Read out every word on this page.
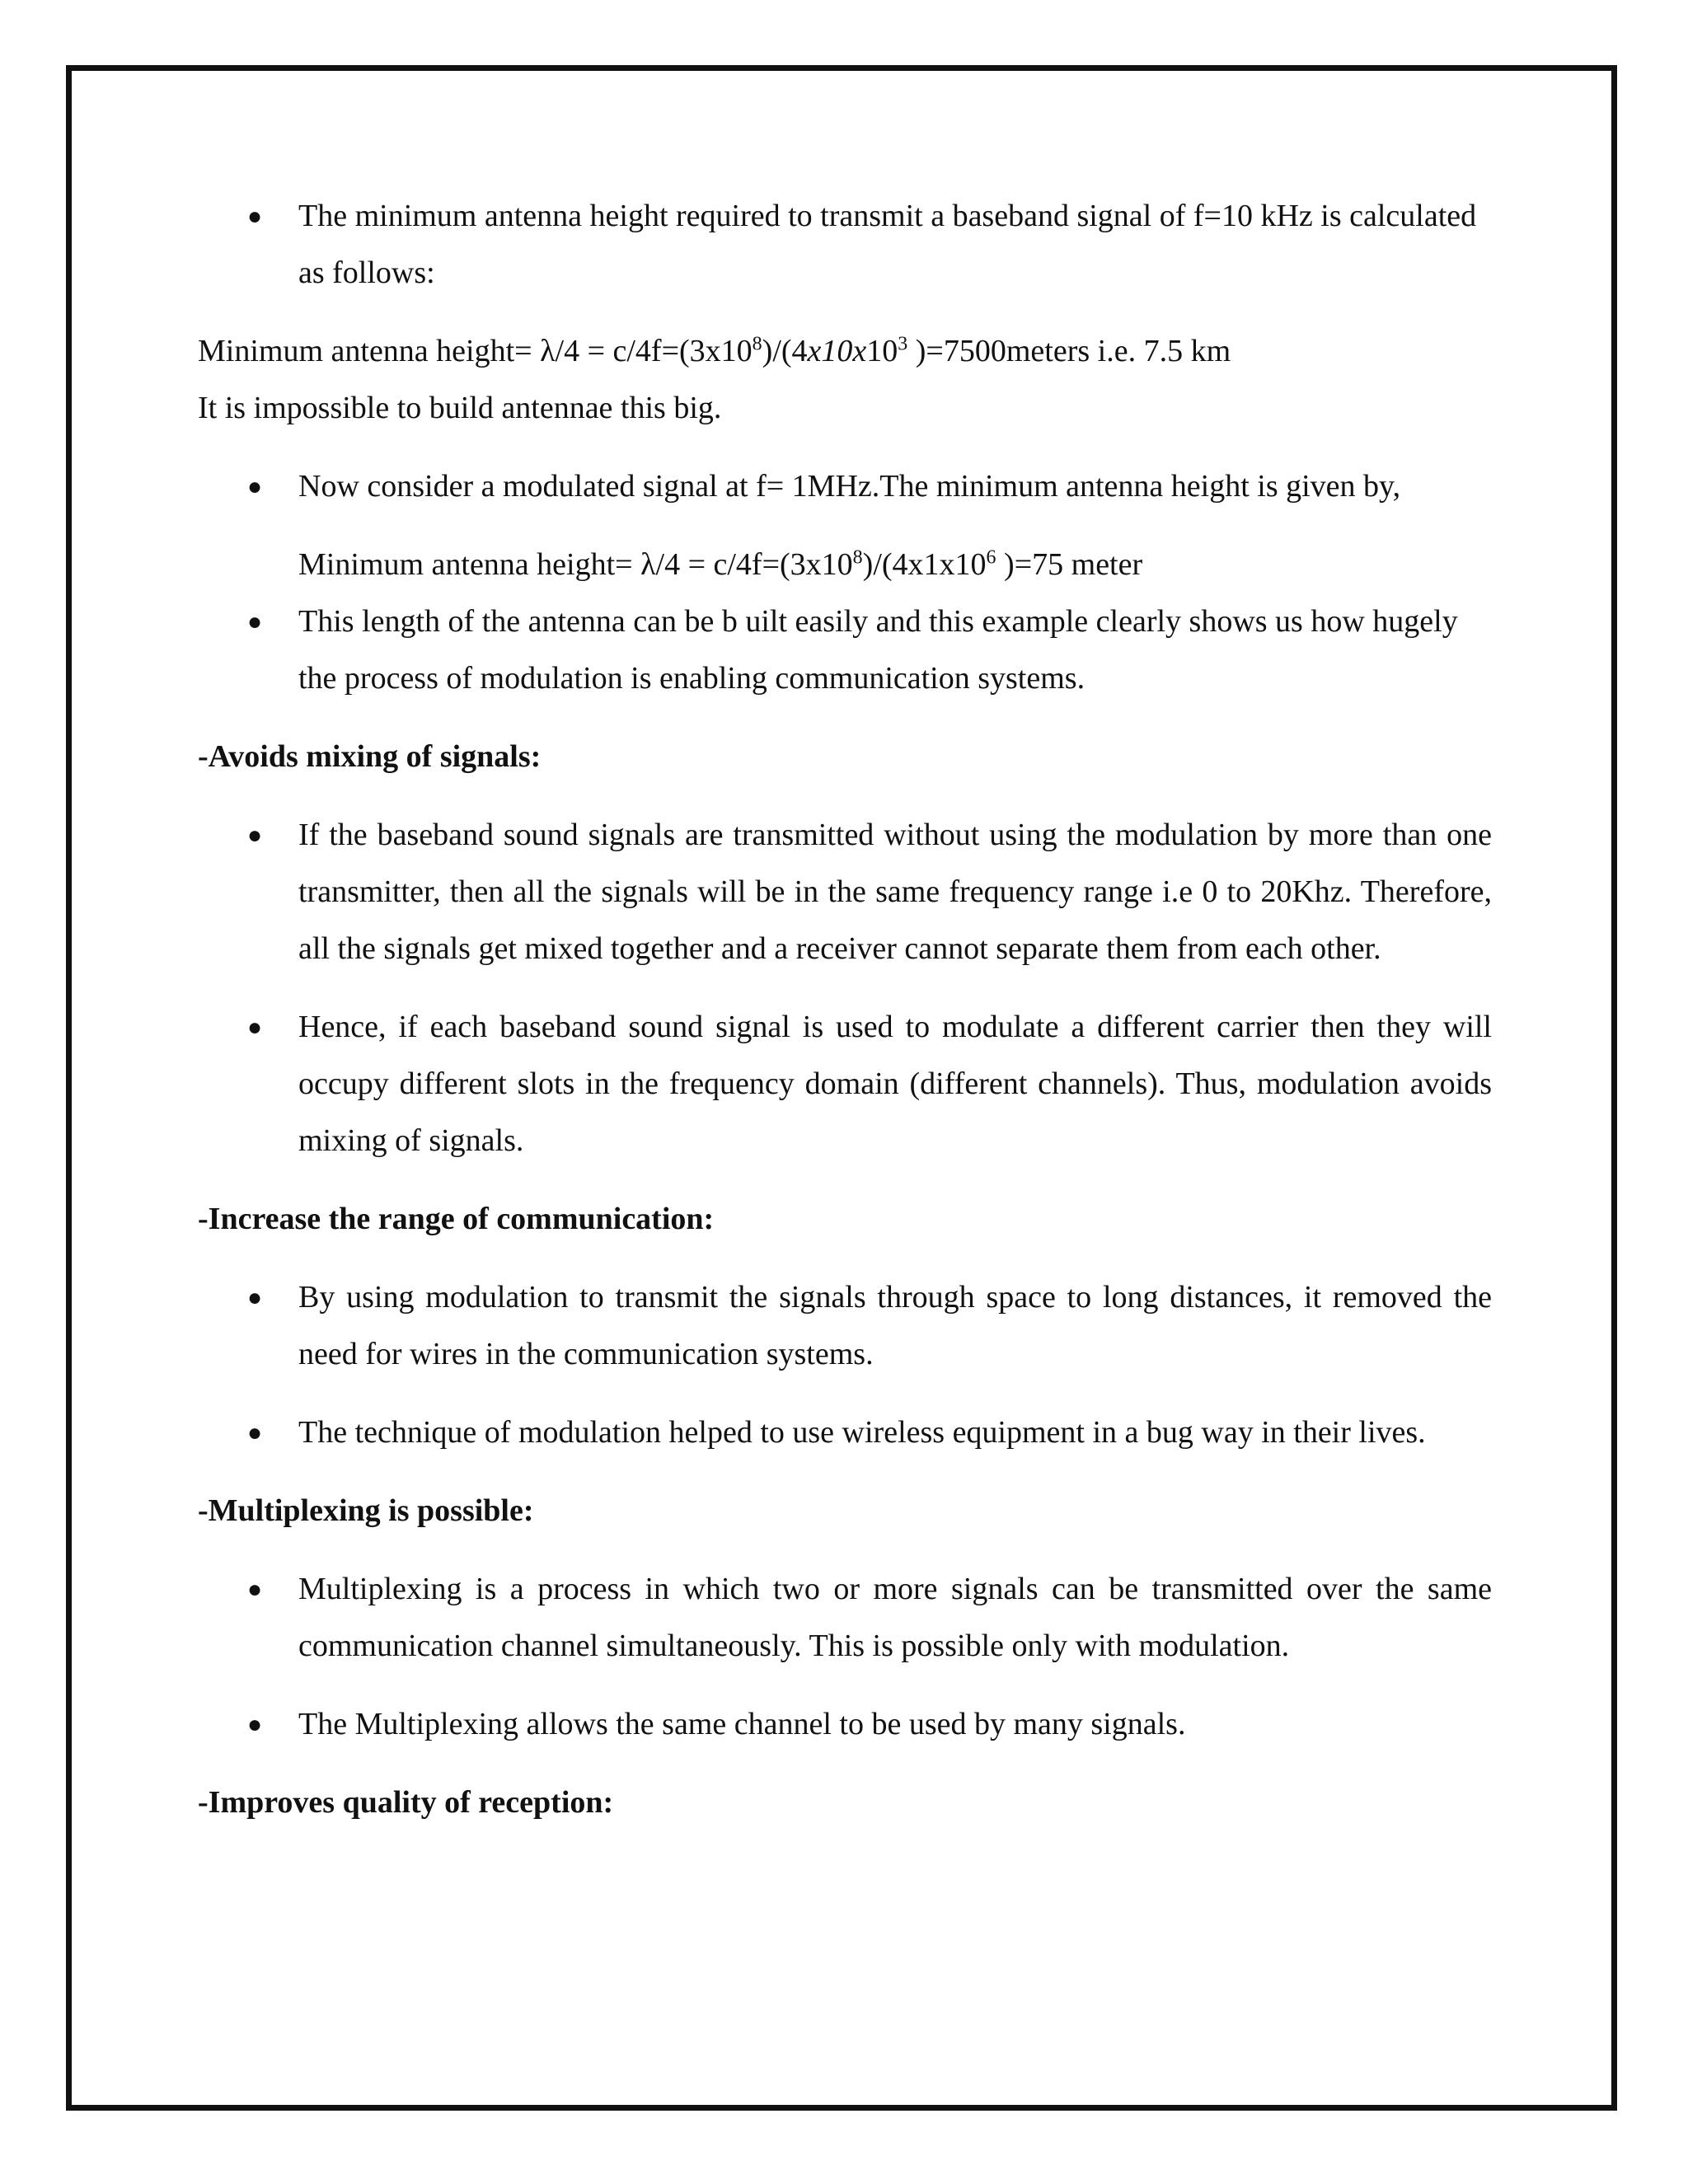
● The minimum antenna height required to transmit a baseband signal of f=10 kHz is calculated as follows:

Minimum antenna height= $\lambda/4 = c/4f=(3x10^8)/(4x10x10^3$ )=7500meters i.e. 7.5 km

It is impossible to build antennae this big.

● Now consider a modulated signal at f= 1MHz.The minimum antenna height is given by,

Minimum antenna height= $\lambda/4 = c/4f=(3x10^8)/(4x1x10^6$ )=75 meter

● This length of the antenna can be b uilt easily and this example clearly shows us how hugely the process of modulation is enabling communication systems.

-Avoids mixing of signals:

● If the baseband sound signals are transmitted without using the modulation by more than one transmitter, then all the signals will be in the same frequency range i.e 0 to 20Khz. Therefore, all the signals get mixed together and a receiver cannot separate them from each other.
● Hence, if each baseband sound signal is used to modulate a different carrier then they will occupy different slots in the frequency domain (different channels). Thus, modulation avoids mixing of signals.

-Increase the range of communication:

● By using modulation to transmit the signals through space to long distances, it removed the need for wires in the communication systems.
● The technique of modulation helped to use wireless equipment in a bug way in their lives.

-Multiplexing is possible:

● Multiplexing is a process in which two or more signals can be transmitted over the same communication channel simultaneously. This is possible only with modulation.
● The Multiplexing allows the same channel to be used by many signals.

-Improves quality of reception:
